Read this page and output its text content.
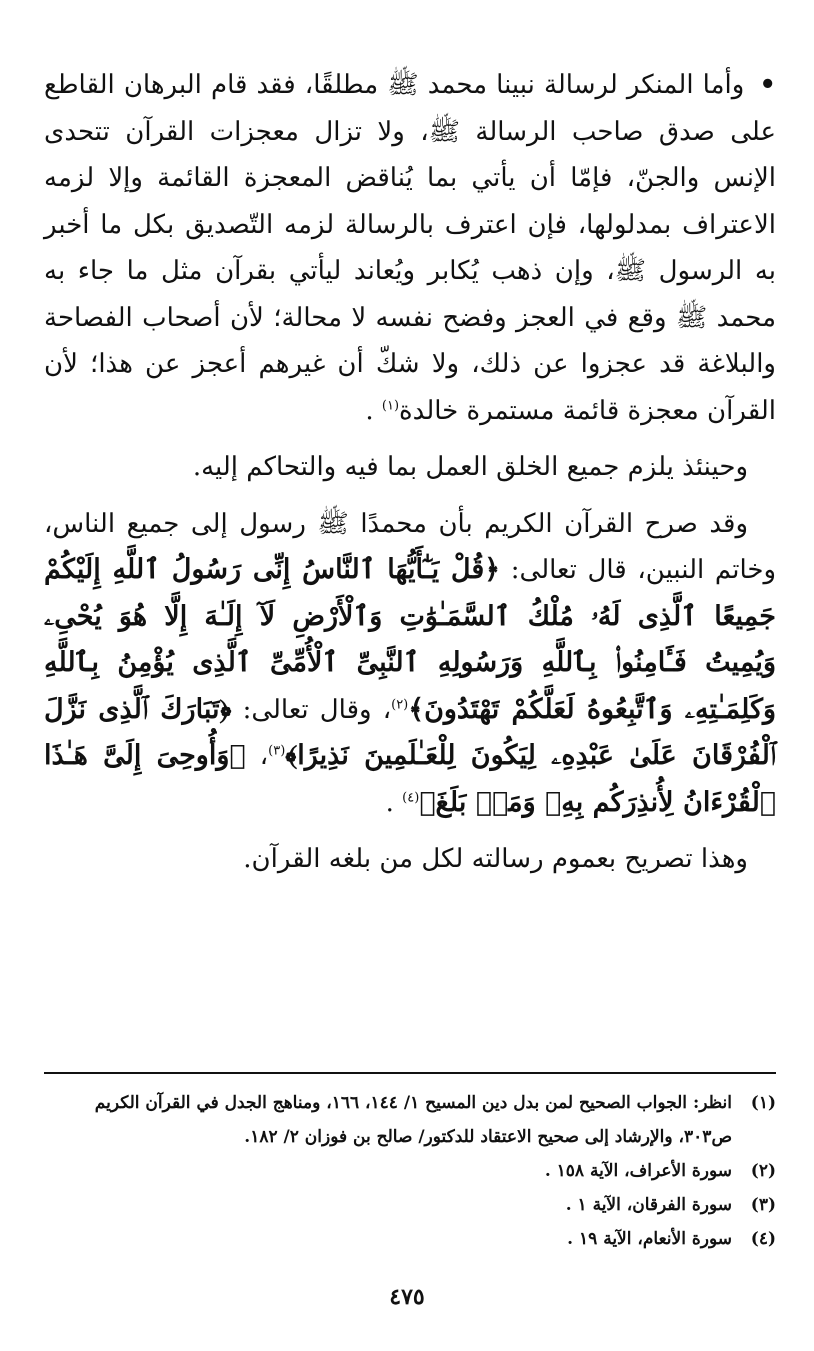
• وأما المنكر لرسالة نبينا محمد ﷺ مطلقًا، فقد قام البرهان القاطع على صدق صاحب الرسالة ﷺ، ولا تزال معجزات القرآن تتحدى الإنس والجنّ، فإمّا أن يأتي بما يُناقض المعجزة القائمة وإلا لزمه الاعتراف بمدلولها، فإن اعترف بالرسالة لزمه التّصديق بكل ما أخبر به الرسول ﷺ، وإن ذهب يُكابر ويُعاند ليأتي بقرآن مثل ما جاء به محمد ﷺ وقع في العجز وفضح نفسه لا محالة؛ لأن أصحاب الفصاحة والبلاغة قد عجزوا عن ذلك، ولا شكّ أن غيرهم أعجز عن هذا؛ لأن القرآن معجزة قائمة مستمرة خالدة$^{(١)}$ .

وحينئذ يلزم جميع الخلق العمل بما فيه والتحاكم إليه.

وقد صرح القرآن الكريم بأن محمدًا ﷺ رسول إلى جميع الناس، وخاتم النبين، قال تعالى: ﴿قُلْ يَـٰٓأَيُّهَا ٱلنَّاسُ إِنِّى رَسُولُ ٱللَّهِ إِلَيْكُمْ جَمِيعًا ٱلَّذِى لَهُۥ مُلْكُ ٱلسَّمَـٰوَٰتِ وَٱلْأَرْضِ لَآ إِلَـٰهَ إِلَّا هُوَ يُحْىِۦ وَيُمِيتُ فَـَٔامِنُوا۟ بِٱللَّهِ وَرَسُولِهِ ٱلنَّبِىِّ ٱلْأُمِّىِّ ٱلَّذِى يُؤْمِنُ بِٱللَّهِ وَكَلِمَـٰتِهِۦ وَٱتَّبِعُوهُ لَعَلَّكُمْ تَهْتَدُونَ﴾$^{(٢)}$، وقال تعالى: ﴿تَبَارَكَ ٱلَّذِى نَزَّلَ ٱلْفُرْقَانَ عَلَىٰ عَبْدِهِۦ لِيَكُونَ لِلْعَـٰلَمِينَ نَذِيرًا﴾$^{(٣)}$، ﴿وَأُوحِىَ إِلَىَّ هَـٰذَا ٱلْقُرْءَانُ لِأُنذِرَكُم بِهِۦ وَمَنۢ بَلَغَ﴾$^{(٤)}$ .

وهذا تصريح بعموم رسالته لكل من بلغه القرآن.

(١)
انظر: الجواب الصحيح لمن بدل دين المسيح ١/ ١٤٤، ١٦٦، ومناهج الجدل في القرآن الكريم ص٣٠٣، والإرشاد إلى صحيح الاعتقاد للدكتور/ صالح بن فوزان ٢/ ١٨٢.
(٢)
سورة الأعراف، الآية ١٥٨ .
(٣)
سورة الفرقان، الآية ١ .
(٤)
سورة الأنعام، الآية ١٩ .
٤٧٥
